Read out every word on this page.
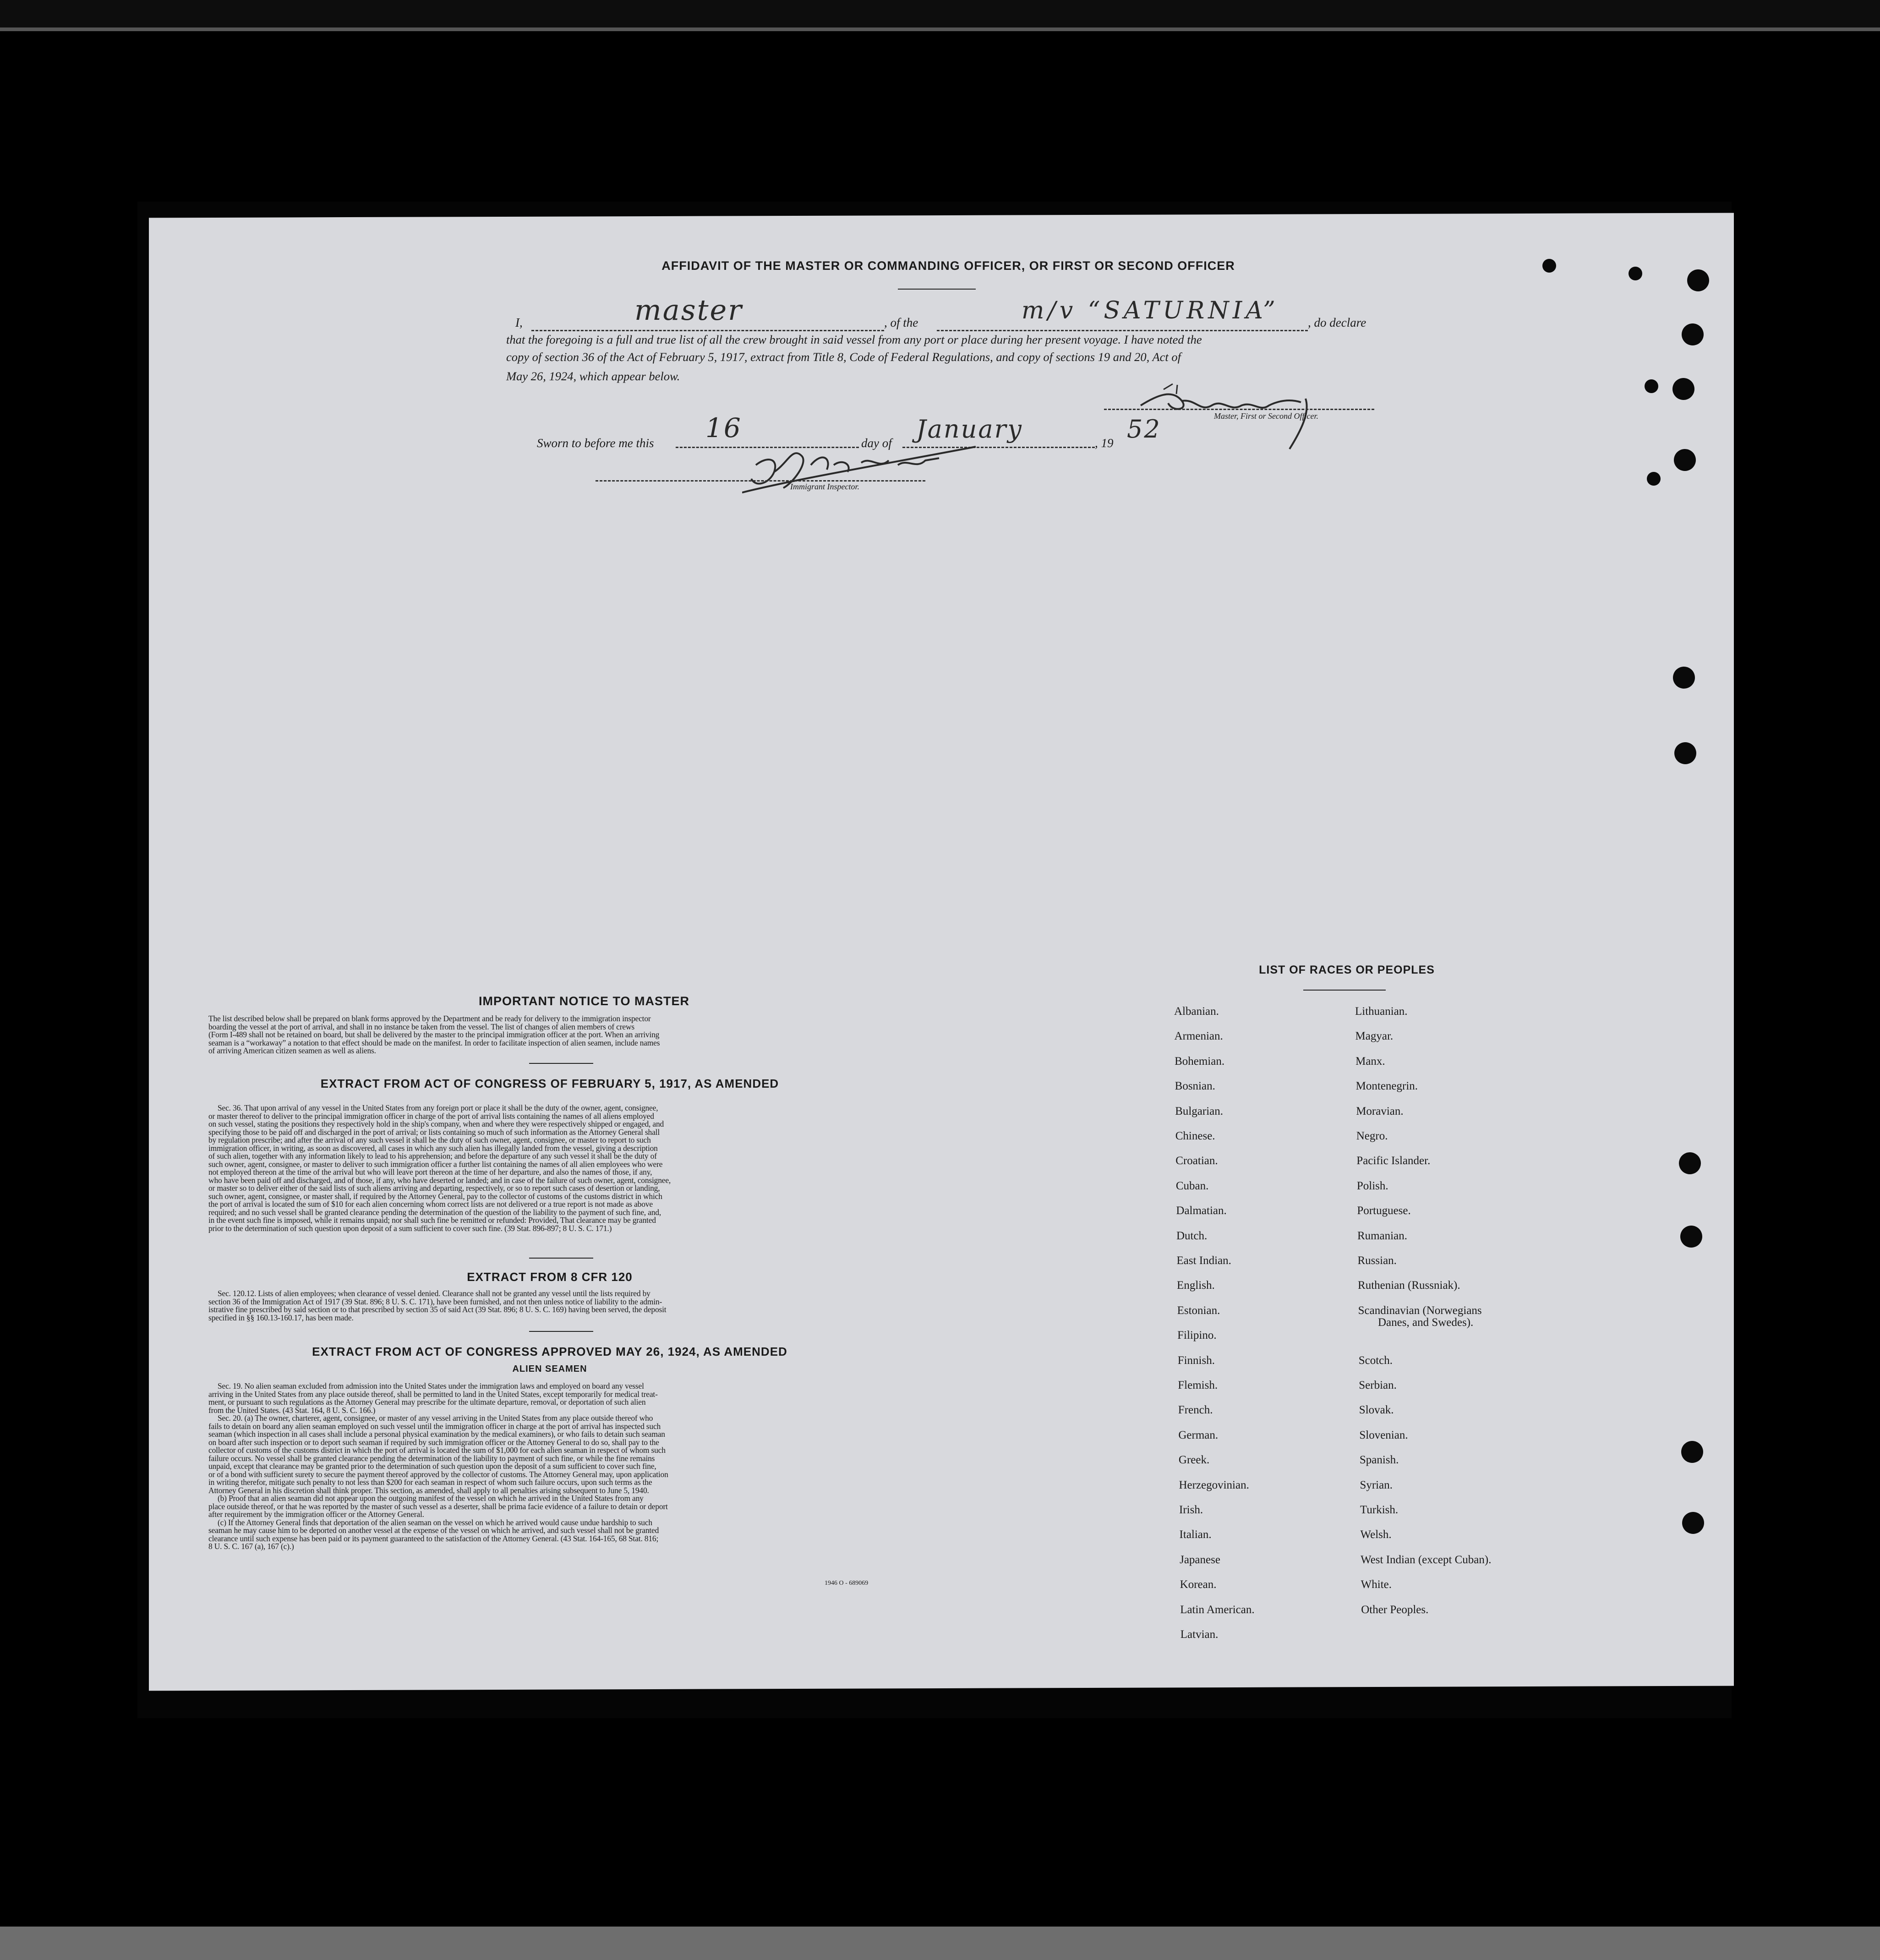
AFFIDAVIT OF THE MASTER OR COMMANDING OFFICER, OR FIRST OR SECOND OFFICER
I,	master	, of the	m/v “SATURNIA” , do declare
that the foregoing is a full and true list of all the crew brought in said vessel from any port or place during her present voyage. I have noted the
copy of section 36 of the Act of February 5, 1917, extract from Title 8, Code of Federal Regulations, and copy of sections 19 and 20, Act of
May 26, 1924, which appear below.
Master, First or Second Officer.
Sworn to before me this 16	day of January	, 19 52
Immigrant Inspector.
IMPORTANT NOTICE TO MASTER
The list described below shall be prepared on blank forms approved by the Department and be ready for delivery to the immigration inspector
boarding the vessel at the port of arrival, and shall in no instance be taken from the vessel. The list of changes of alien members of crews
(Form I-489 shall not be retained on board, but shall be delivered by the master to the principal immigration officer at the port. When an arriving
seaman is a “workaway” a notation to that effect should be made on the manifest. In order to facilitate inspection of alien seamen, include names
of arriving American citizen seamen as well as aliens.
EXTRACT FROM ACT OF CONGRESS OF FEBRUARY 5, 1917, AS AMENDED
Sec. 36. That upon arrival of any vessel in the United States from any foreign port or place it shall be the duty of the owner, agent, consignee,
or master thereof to deliver to the principal immigration officer in charge of the port of arrival lists containing the names of all aliens employed
on such vessel, stating the positions they respectively hold in the ship's company, when and where they were respectively shipped or engaged, and
specifying those to be paid off and discharged in the port of arrival; or lists containing so much of such information as the Attorney General shall
by regulation prescribe; and after the arrival of any such vessel it shall be the duty of such owner, agent, consignee, or master to report to such
immigration officer, in writing, as soon as discovered, all cases in which any such alien has illegally landed from the vessel, giving a description
of such alien, together with any information likely to lead to his apprehension; and before the departure of any such vessel it shall be the duty of
such owner, agent, consignee, or master to deliver to such immigration officer a further list containing the names of all alien employees who were
not employed thereon at the time of the arrival but who will leave port thereon at the time of her departure, and also the names of those, if any,
who have been paid off and discharged, and of those, if any, who have deserted or landed; and in case of the failure of such owner, agent, consignee,
or master so to deliver either of the said lists of such aliens arriving and departing, respectively, or so to report such cases of desertion or landing,
such owner, agent, consignee, or master shall, if required by the Attorney General, pay to the collector of customs of the customs district in which
the port of arrival is located the sum of $10 for each alien concerning whom correct lists are not delivered or a true report is not made as above
required; and no such vessel shall be granted clearance pending the determination of the question of the liability to the payment of such fine, and,
in the event such fine is imposed, while it remains unpaid; nor shall such fine be remitted or refunded: Provided, That clearance may be granted
prior to the determination of such question upon deposit of a sum sufficient to cover such fine. (39 Stat. 896-897; 8 U. S. C. 171.)
EXTRACT FROM 8 CFR 120
Sec. 120.12. Lists of alien employees; when clearance of vessel denied. Clearance shall not be granted any vessel until the lists required by
section 36 of the Immigration Act of 1917 (39 Stat. 896; 8 U. S. C. 171), have been furnished, and not then unless notice of liability to the admin-
istrative fine prescribed by said section or to that prescribed by section 35 of said Act (39 Stat. 896; 8 U. S. C. 169) having been served, the deposit
specified in §§ 160.13-160.17, has been made.
EXTRACT FROM ACT OF CONGRESS APPROVED MAY 26, 1924, AS AMENDED
ALIEN SEAMEN
Sec. 19. No alien seaman excluded from admission into the United States under the immigration laws and employed on board any vessel
arriving in the United States from any place outside thereof, shall be permitted to land in the United States, except temporarily for medical treat-
ment, or pursuant to such regulations as the Attorney General may prescribe for the ultimate departure, removal, or deportation of such alien
from the United States. (43 Stat. 164, 8 U. S. C. 166.)
Sec. 20. (a) The owner, charterer, agent, consignee, or master of any vessel arriving in the United States from any place outside thereof who
fails to detain on board any alien seaman employed on such vessel until the immigration officer in charge at the port of arrival has inspected such
seaman (which inspection in all cases shall include a personal physical examination by the medical examiners), or who fails to detain such seaman
on board after such inspection or to deport such seaman if required by such immigration officer or the Attorney General to do so, shall pay to the
collector of customs of the customs district in which the port of arrival is located the sum of $1,000 for each alien seaman in respect of whom such
failure occurs. No vessel shall be granted clearance pending the determination of the liability to payment of such fine, or while the fine remains
unpaid, except that clearance may be granted prior to the determination of such question upon the deposit of a sum sufficient to cover such fine,
or of a bond with sufficient surety to secure the payment thereof approved by the collector of customs. The Attorney General may, upon application
in writing therefor, mitigate such penalty to not less than $200 for each seaman in respect of whom such failure occurs, upon such terms as the
Attorney General in his discretion shall think proper. This section, as amended, shall apply to all penalties arising subsequent to June 5, 1940.
(b) Proof that an alien seaman did not appear upon the outgoing manifest of the vessel on which he arrived in the United States from any
place outside thereof, or that he was reported by the master of such vessel as a deserter, shall be prima facie evidence of a failure to detain or deport
after requirement by the immigration officer or the Attorney General.
(c) If the Attorney General finds that deportation of the alien seaman on the vessel on which he arrived would cause undue hardship to such
seaman he may cause him to be deported on another vessel at the expense of the vessel on which he arrived, and such vessel shall not be granted
clearance until such expense has been paid or its payment guaranteed to the satisfaction of the Attorney General. (43 Stat. 164-165, 68 Stat. 816;
8 U. S. C. 167 (a), 167 (c).)
1946 O - 689069
LIST OF RACES OR PEOPLES
Albanian.
Armenian.
Bohemian.
Bosnian.
Bulgarian.
Chinese.
Croatian.
Cuban.
Dalmatian.
Dutch.
East Indian.
English.
Estonian.
Filipino.
Finnish.
Flemish.
French.
German.
Greek.
Herzegovinian.
Irish.
Italian.
Japanese
Korean.
Latin American.
Latvian.
Lithuanian.
Magyar.
Manx.
Montenegrin.
Moravian.
Negro.
Pacific Islander.
Polish.
Portuguese.
Rumanian.
Russian.
Ruthenian (Russniak).
Scandinavian (Norwegians
Danes, and Swedes).
Scotch.
Serbian.
Slovak.
Slovenian.
Spanish.
Syrian.
Turkish.
Welsh.
West Indian (except Cuban).
White.
Other Peoples.
